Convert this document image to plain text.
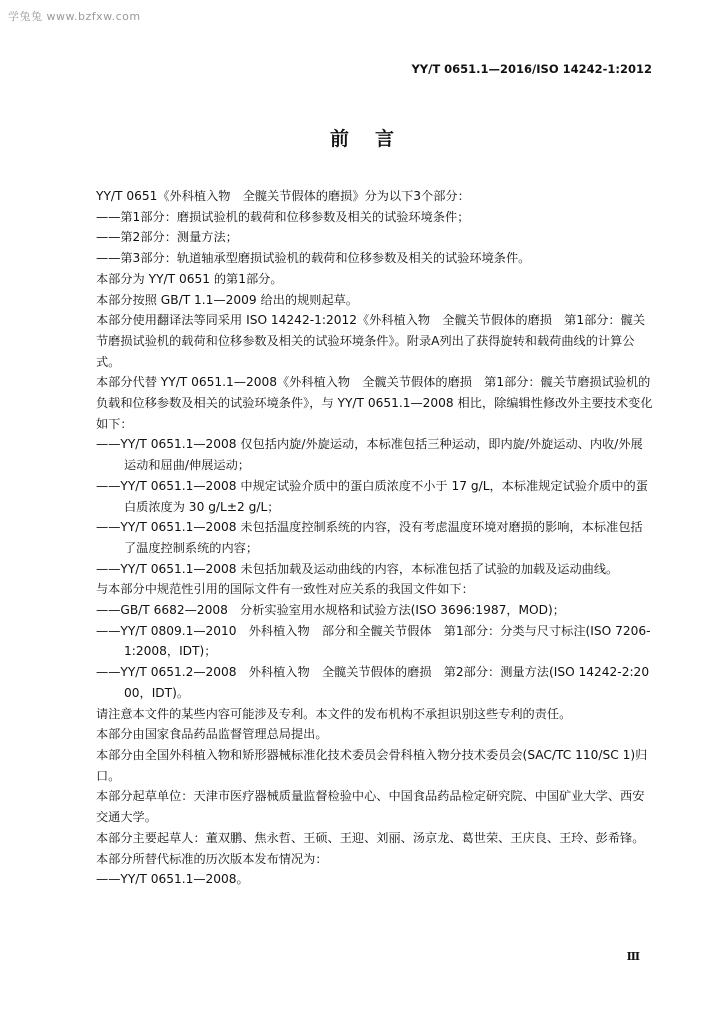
学兔兔 www.bzfxw.com
YY/T 0651.1—2016/ISO 14242-1:2012
前言

YY/T 0651《外科植入物　全髋关节假体的磨损》分为以下3个部分：

——第1部分：磨损试验机的载荷和位移参数及相关的试验环境条件；

——第2部分：测量方法；

——第3部分：轨道轴承型磨损试验机的载荷和位移参数及相关的试验环境条件。

本部分为 YY/T 0651 的第1部分。

本部分按照 GB/T 1.1—2009 给出的规则起草。

本部分使用翻译法等同采用 ISO 14242-1:2012《外科植入物　全髋关节假体的磨损　第1部分：髋关节磨损试验机的载荷和位移参数及相关的试验环境条件》。附录A列出了获得旋转和载荷曲线的计算公式。

本部分代替 YY/T 0651.1—2008《外科植入物　全髋关节假体的磨损　第1部分：髋关节磨损试验机的负载和位移参数及相关的试验环境条件》，与 YY/T 0651.1—2008 相比，除编辑性修改外主要技术变化如下：

——YY/T 0651.1—2008 仅包括内旋/外旋运动，本标准包括三种运动，即内旋/外旋运动、内收/外展运动和屈曲/伸展运动；

——YY/T 0651.1—2008 中规定试验介质中的蛋白质浓度不小于 17 g/L，本标准规定试验介质中的蛋白质浓度为 30 g/L±2 g/L；

——YY/T 0651.1—2008 未包括温度控制系统的内容，没有考虑温度环境对磨损的影响，本标准包括了温度控制系统的内容；

——YY/T 0651.1—2008 未包括加载及运动曲线的内容，本标准包括了试验的加载及运动曲线。

与本部分中规范性引用的国际文件有一致性对应关系的我国文件如下：

——GB/T 6682—2008　分析实验室用水规格和试验方法(ISO 3696:1987，MOD)；

——YY/T 0809.1—2010　外科植入物　部分和全髋关节假体　第1部分：分类与尺寸标注(ISO 7206-1:2008，IDT)；

——YY/T 0651.2—2008　外科植入物　全髋关节假体的磨损　第2部分：测量方法(ISO 14242-2:2000，IDT)。

请注意本文件的某些内容可能涉及专利。本文件的发布机构不承担识别这些专利的责任。

本部分由国家食品药品监督管理总局提出。

本部分由全国外科植入物和矫形器械标准化技术委员会骨科植入物分技术委员会(SAC/TC 110/SC 1)归口。

本部分起草单位：天津市医疗器械质量监督检验中心、中国食品药品检定研究院、中国矿业大学、西安交通大学。

本部分主要起草人：董双鹏、焦永哲、王硕、王迎、刘丽、汤京龙、葛世荣、王庆良、王玲、彭希锋。

本部分所替代标准的历次版本发布情况为：

——YY/T 0651.1—2008。

Ⅲ
